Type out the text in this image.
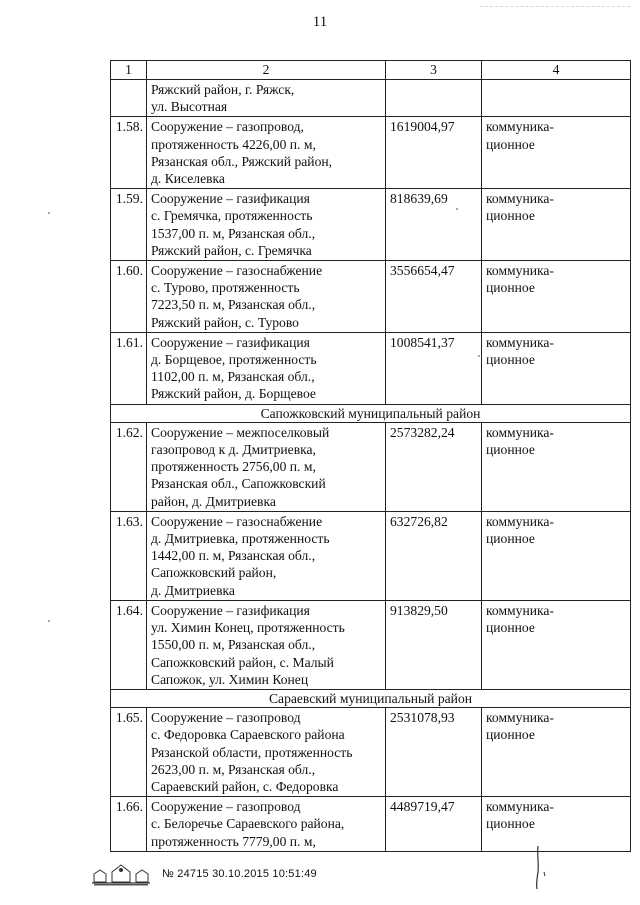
11
1	2	3	4
	Ряжский район, г. Ряжск,
ул. Высотная		
1.58.	Сооружение – газопровод,
протяженность 4226,00 п. м,
Рязанская обл., Ряжский район,
д. Киселевка	1619004,97	коммуника-
ционное
1.59.	Сооружение – газификация
с. Гремячка, протяженность
1537,00 п. м, Рязанская обл.,
Ряжский район, с. Гремячка	818639,69	коммуника-
ционное
1.60.	Сооружение – газоснабжение
с. Турово, протяженность
7223,50 п. м, Рязанская обл.,
Ряжский район, с. Турово	3556654,47	коммуника-
ционное
1.61.	Сооружение – газификация
д. Борщевое, протяженность
1102,00 п. м, Рязанская обл.,
Ряжский район, д. Борщевое	1008541,37	коммуника-
ционное
Сапожковский муниципальный район			
1.62.	Сооружение – межпоселковый
газопровод к д. Дмитриевка,
протяженность 2756,00 п. м,
Рязанская обл., Сапожковский
район, д. Дмитриевка	2573282,24	коммуника-
ционное
1.63.	Сооружение – газоснабжение
д. Дмитриевка, протяженность
1442,00 п. м, Рязанская обл.,
Сапожковский район,
д. Дмитриевка	632726,82	коммуника-
ционное
1.64.	Сооружение – газификация
ул. Химин Конец, протяженность
1550,00 п. м, Рязанская обл.,
Сапожковский район, с. Малый
Сапожок, ул. Химин Конец	913829,50	коммуника-
ционное
Сараевский муниципальный район			
1.65.	Сооружение – газопровод
с. Федоровка Сараевского района
Рязанской области, протяженность
2623,00 п. м, Рязанская обл.,
Сараевский район, с. Федоровка	2531078,93	коммуника-
ционное
1.66.	Сооружение – газопровод
с. Белоречье Сараевского района,
протяженность 7779,00 п. м,	4489719,47	коммуника-
ционное
№ 24715 30.10.2015 10:51:49
